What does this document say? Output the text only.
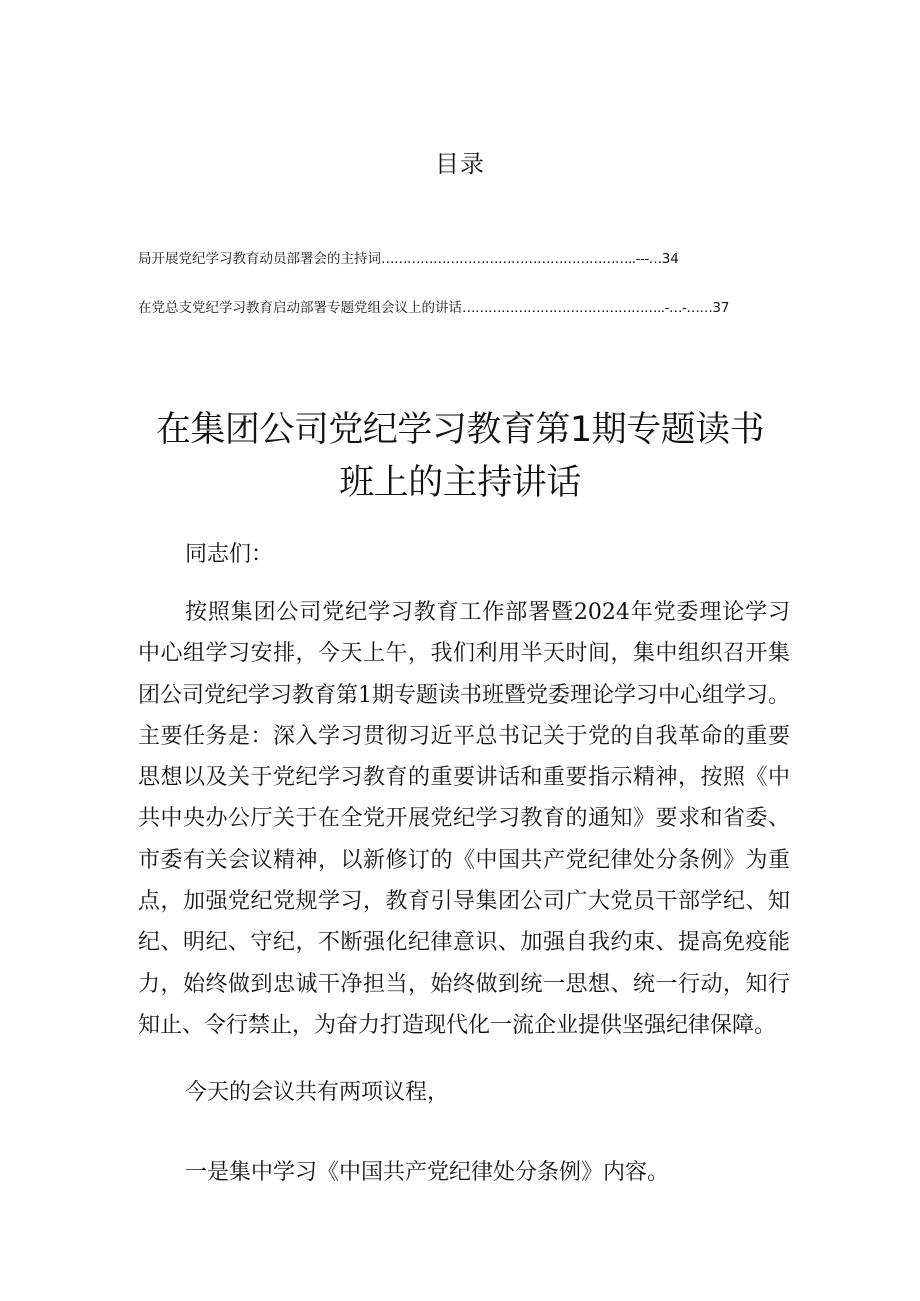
目录
局开展党纪学习教育动员部署会的主持词…………………………………………………..---…34
在党总支党纪学习教育启动部署专题党组会议上的讲话………………………………………..-…-……37
在集团公司党纪学习教育第1期专题读书
班上的主持讲话
同志们：
按照集团公司党纪学习教育工作部署暨2024年党委理论学习中心组学习安排，今天上午，我们利用半天时间，集中组织召开集团公司党纪学习教育第1期专题读书班暨党委理论学习中心组学习。主要任务是：深入学习贯彻习近平总书记关于党的自我革命的重要思想以及关于党纪学习教育的重要讲话和重要指示精神，按照《中共中央办公厅关于在全党开展党纪学习教育的通知》要求和省委、市委有关会议精神，以新修订的《中国共产党纪律处分条例》为重点，加强党纪党规学习，教育引导集团公司广大党员干部学纪、知纪、明纪、守纪，不断强化纪律意识、加强自我约束、提高免疫能力，始终做到忠诚干净担当，始终做到统一思想、统一行动，知行知止、令行禁止，为奋力打造现代化一流企业提供坚强纪律保障。
今天的会议共有两项议程，
一是集中学习《中国共产党纪律处分条例》内容。
